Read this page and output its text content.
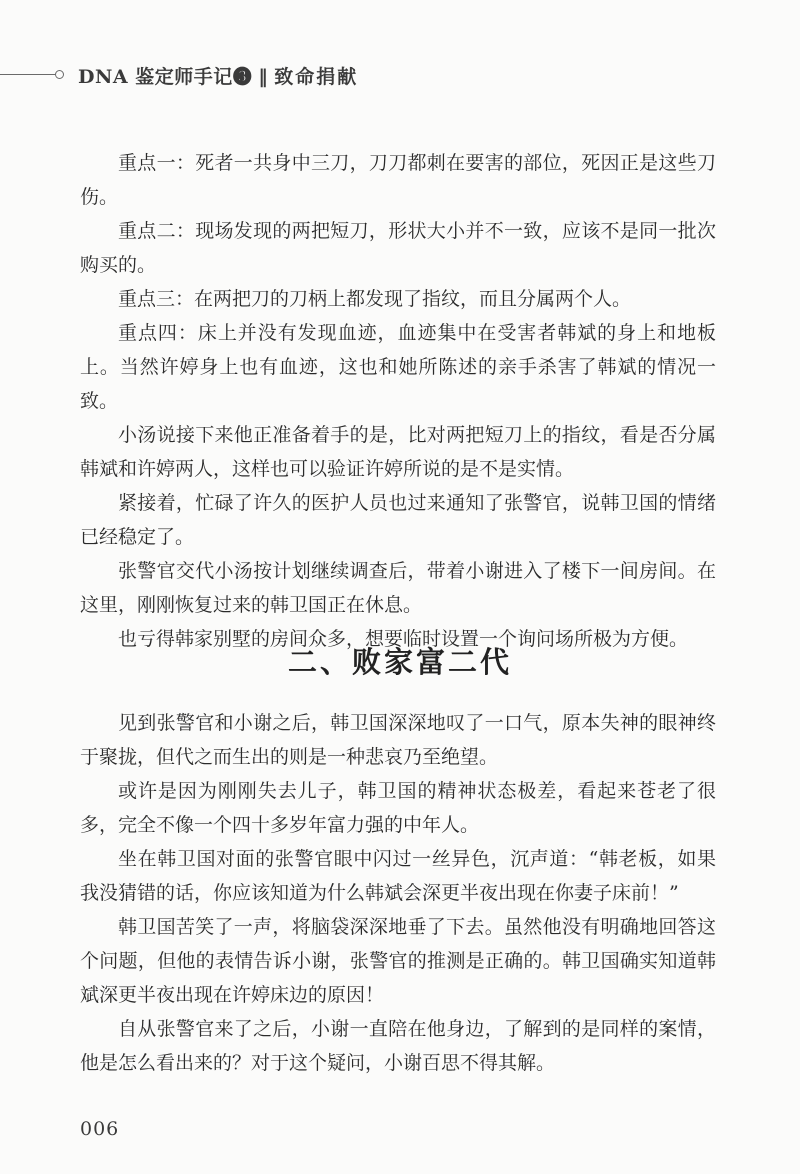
DNA 鉴定师手记❸ ‖ 致命捐献

重点一：死者一共身中三刀，刀刀都刺在要害的部位，死因正是这些刀伤。

重点二：现场发现的两把短刀，形状大小并不一致，应该不是同一批次购买的。

重点三：在两把刀的刀柄上都发现了指纹，而且分属两个人。

重点四：床上并没有发现血迹，血迹集中在受害者韩斌的身上和地板上。当然许婷身上也有血迹，这也和她所陈述的亲手杀害了韩斌的情况一致。

小汤说接下来他正准备着手的是，比对两把短刀上的指纹，看是否分属韩斌和许婷两人，这样也可以验证许婷所说的是不是实情。

紧接着，忙碌了许久的医护人员也过来通知了张警官，说韩卫国的情绪已经稳定了。

张警官交代小汤按计划继续调查后，带着小谢进入了楼下一间房间。在这里，刚刚恢复过来的韩卫国正在休息。

也亏得韩家别墅的房间众多，想要临时设置一个询问场所极为方便。

二、败家富二代

见到张警官和小谢之后，韩卫国深深地叹了一口气，原本失神的眼神终于聚拢，但代之而生出的则是一种悲哀乃至绝望。

或许是因为刚刚失去儿子，韩卫国的精神状态极差，看起来苍老了很多，完全不像一个四十多岁年富力强的中年人。

坐在韩卫国对面的张警官眼中闪过一丝异色，沉声道：“韩老板，如果我没猜错的话，你应该知道为什么韩斌会深更半夜出现在你妻子床前！”

韩卫国苦笑了一声，将脑袋深深地垂了下去。虽然他没有明确地回答这个问题，但他的表情告诉小谢，张警官的推测是正确的。韩卫国确实知道韩斌深更半夜出现在许婷床边的原因！

自从张警官来了之后，小谢一直陪在他身边，了解到的是同样的案情，他是怎么看出来的？对于这个疑问，小谢百思不得其解。

006
